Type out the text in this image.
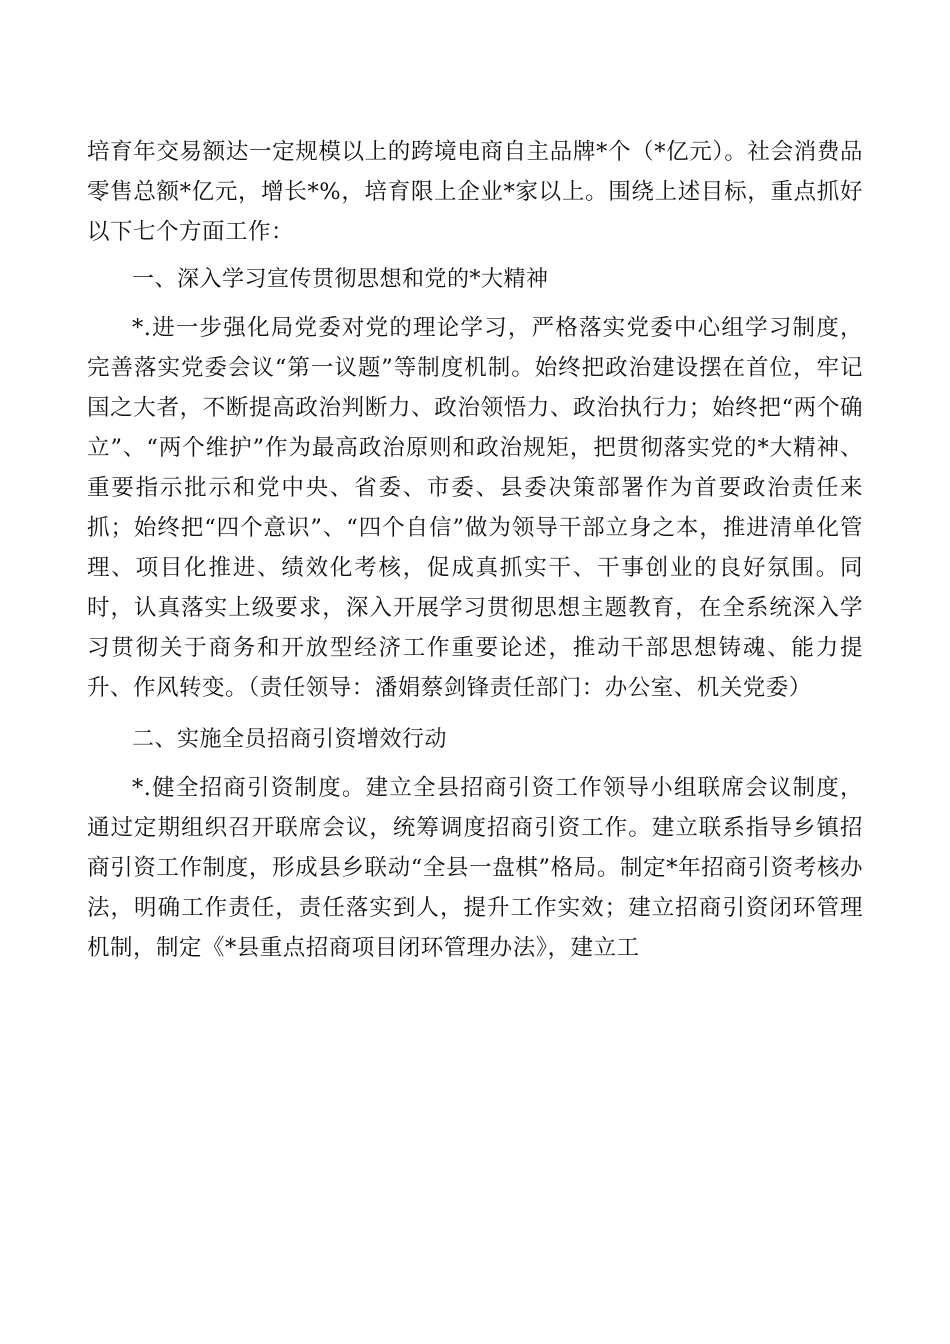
培育年交易额达一定规模以上的跨境电商自主品牌*个（*亿元）。社会消费品零售总额*亿元，增长*%，培育限上企业*家以上。围绕上述目标，重点抓好以下七个方面工作：

一、深入学习宣传贯彻思想和党的*大精神

*.进一步强化局党委对党的理论学习，严格落实党委中心组学习制度，完善落实党委会议“第一议题”等制度机制。始终把政治建设摆在首位，牢记国之大者，不断提高政治判断力、政治领悟力、政治执行力；始终把“两个确立”、“两个维护”作为最高政治原则和政治规矩，把贯彻落实党的*大精神、重要指示批示和党中央、省委、市委、县委决策部署作为首要政治责任来抓；始终把“四个意识”、“四个自信”做为领导干部立身之本，推进清单化管理、项目化推进、绩效化考核，促成真抓实干、干事创业的良好氛围。同时，认真落实上级要求，深入开展学习贯彻思想主题教育，在全系统深入学习贯彻关于商务和开放型经济工作重要论述，推动干部思想铸魂、能力提升、作风转变。（责任领导：潘娟蔡剑锋责任部门：办公室、机关党委）

二、实施全员招商引资增效行动

*.健全招商引资制度。建立全县招商引资工作领导小组联席会议制度，通过定期组织召开联席会议，统筹调度招商引资工作。建立联系指导乡镇招商引资工作制度，形成县乡联动“全县一盘棋”格局。制定*年招商引资考核办法，明确工作责任，责任落实到人，提升工作实效；建立招商引资闭环管理机制，制定《*县重点招商项目闭环管理办法》，建立工
